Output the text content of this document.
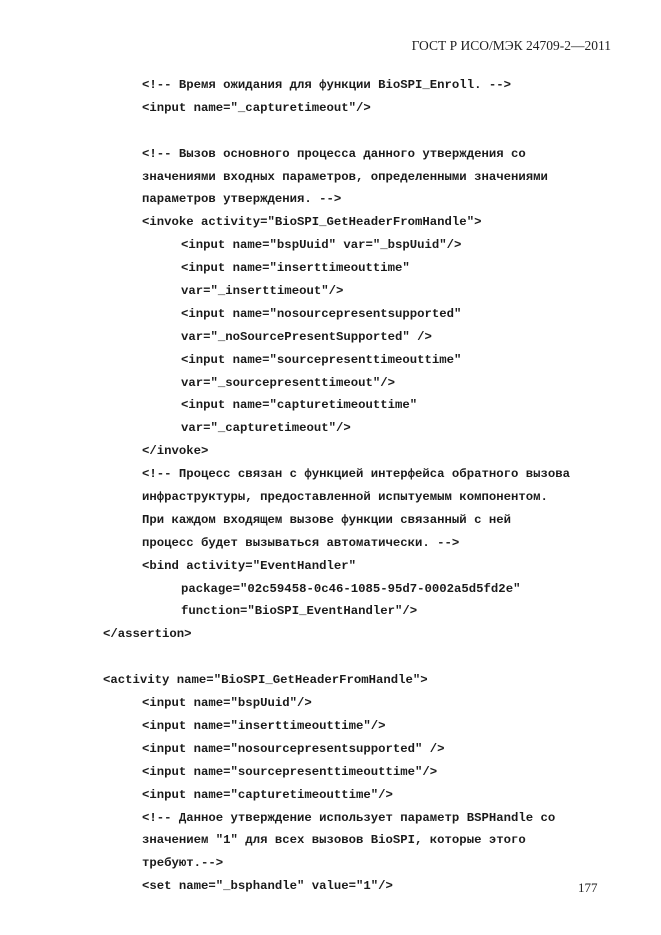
ГОСТ Р ИСО/МЭК 24709-2—2011
<!-- Время ожидания для функции BioSPI_Enroll. -->
<input name="_capturetimeout"/>
<!-- Вызов основного процесса данного утверждения со
значениями входных параметров, определенными значениями
параметров утверждения. -->
<invoke activity="BioSPI_GetHeaderFromHandle">
<input name="bspUuid" var="_bspUuid"/>
<input name="inserttimeouttime"
var="_inserttimeout"/>
<input name="nosourcepresentsupported"
var="_noSourcePresentSupported" />
<input name="sourcepresenttimeouttime"
var="_sourcepresenttimeout"/>
<input name="capturetimeouttime"
var="_capturetimeout"/>
</invoke>
<!-- Процесс связан с функцией интерфейса обратного вызова
инфраструктуры, предоставленной испытуемым компонентом.
При каждом входящем вызове функции связанный с ней
процесс будет вызываться автоматически. -->
<bind activity="EventHandler"
package="02c59458-0c46-1085-95d7-0002a5d5fd2e"
function="BioSPI_EventHandler"/>
</assertion>
<activity name="BioSPI_GetHeaderFromHandle">
<input name="bspUuid"/>
<input name="inserttimeouttime"/>
<input name="nosourcepresentsupported" />
<input name="sourcepresenttimeouttime"/>
<input name="capturetimeouttime"/>
<!-- Данное утверждение использует параметр BSPHandle со
значением "1" для всех вызовов BioSPI, которые этого
требуют.-->
<set name="_bsphandle" value="1"/>	177
